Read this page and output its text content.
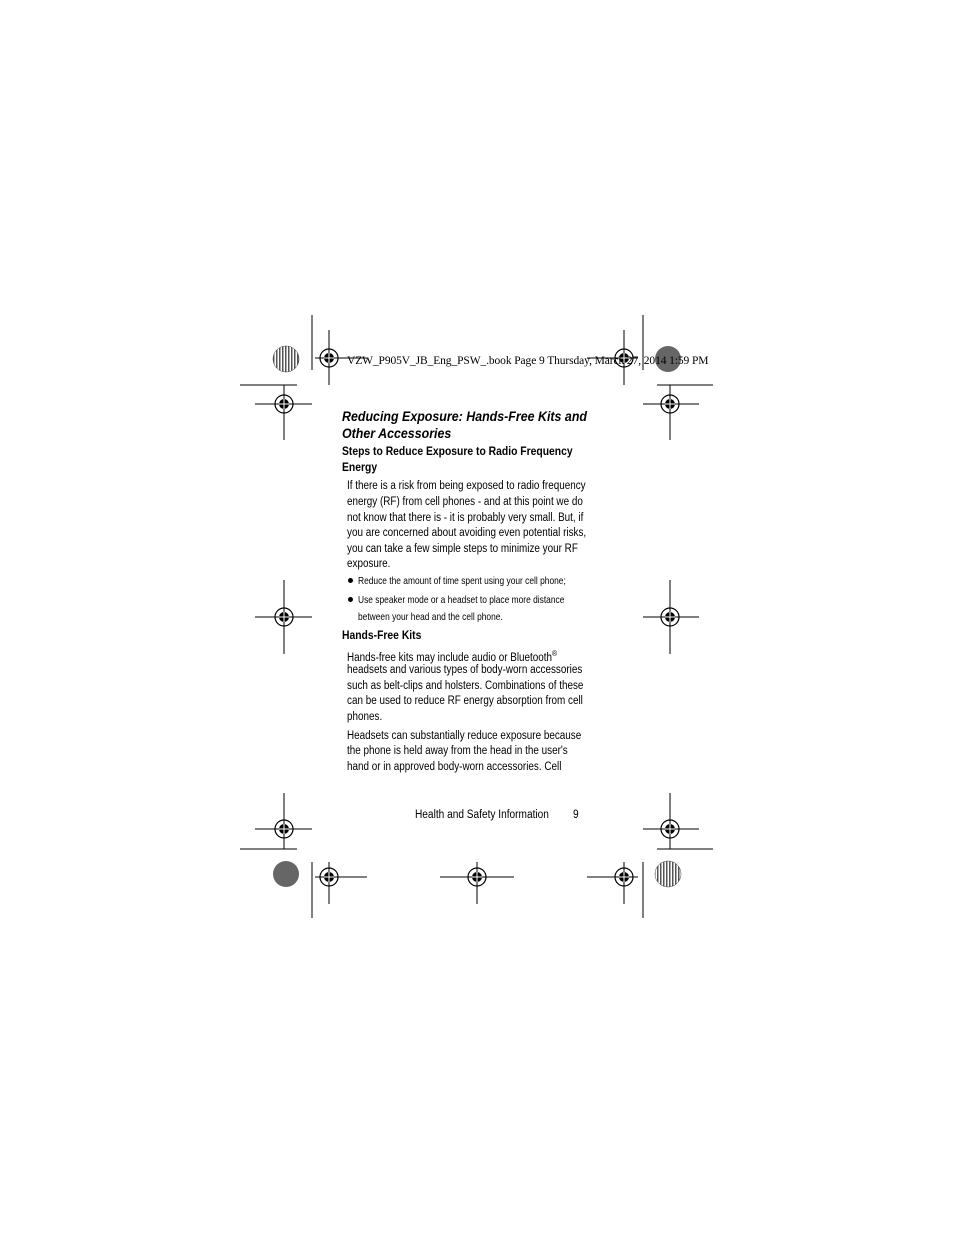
VZW_P905V_JB_Eng_PSW_.book Page 9 Thursday, March 27, 2014 1:59 PM
Reducing Exposure: Hands-Free Kits and
Other Accessories
Steps to Reduce Exposure to Radio Frequency
Energy
If there is a risk from being exposed to radio frequency
energy (RF) from cell phones - and at this point we do
not know that there is - it is probably very small. But, if
you are concerned about avoiding even potential risks,
you can take a few simple steps to minimize your RF
exposure.
Reduce the amount of time spent using your cell phone;
Use speaker mode or a headset to place more distance
between your head and the cell phone.
Hands-Free Kits
Hands-free kits may include audio or Bluetooth®
headsets and various types of body-worn accessories
such as belt-clips and holsters. Combinations of these
can be used to reduce RF energy absorption from cell
phones.
Headsets can substantially reduce exposure because
the phone is held away from the head in the user's
hand or in approved body-worn accessories. Cell
Health and Safety Information 9
